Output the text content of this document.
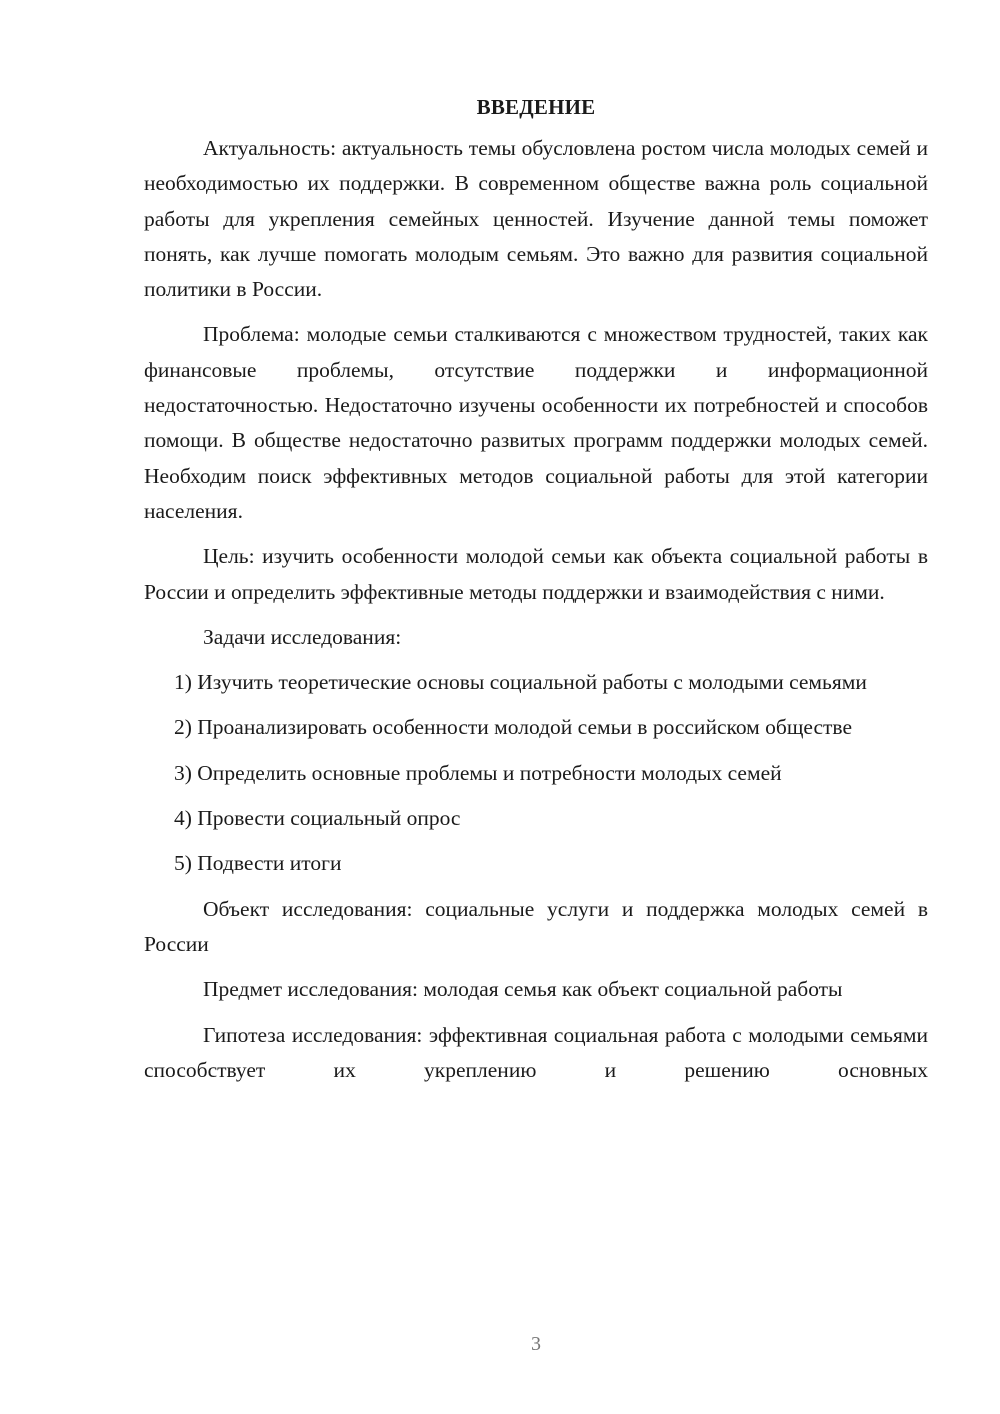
ВВЕДЕНИЕ

Актуальность: актуальность темы обусловлена ростом числа молодых семей и необходимостью их поддержки. В современном обществе важна роль социальной работы для укрепления семейных ценностей. Изучение данной темы поможет понять, как лучше помогать молодым семьям. Это важно для развития социальной политики в России.

Проблема: молодые семьи сталкиваются с множеством трудностей, таких как финансовые проблемы, отсутствие поддержки и информационной недостаточностью. Недостаточно изучены особенности их потребностей и способов помощи. В обществе недостаточно развитых программ поддержки молодых семей. Необходим поиск эффективных методов социальной работы для этой категории населения.

Цель: изучить особенности молодой семьи как объекта социальной работы в России и определить эффективные методы поддержки и взаимодействия с ними.

Задачи исследования:

1) Изучить теоретические основы социальной работы с молодыми семьями

2) Проанализировать особенности молодой семьи в российском обществе

3) Определить основные проблемы и потребности молодых семей

4) Провести социальный опрос

5) Подвести итоги

Объект исследования: социальные услуги и поддержка молодых семей в России

Предмет исследования: молодая семья как объект социальной работы

Гипотеза исследования: эффективная социальная работа с молодыми семьями способствует их укреплению и решению основных

3
